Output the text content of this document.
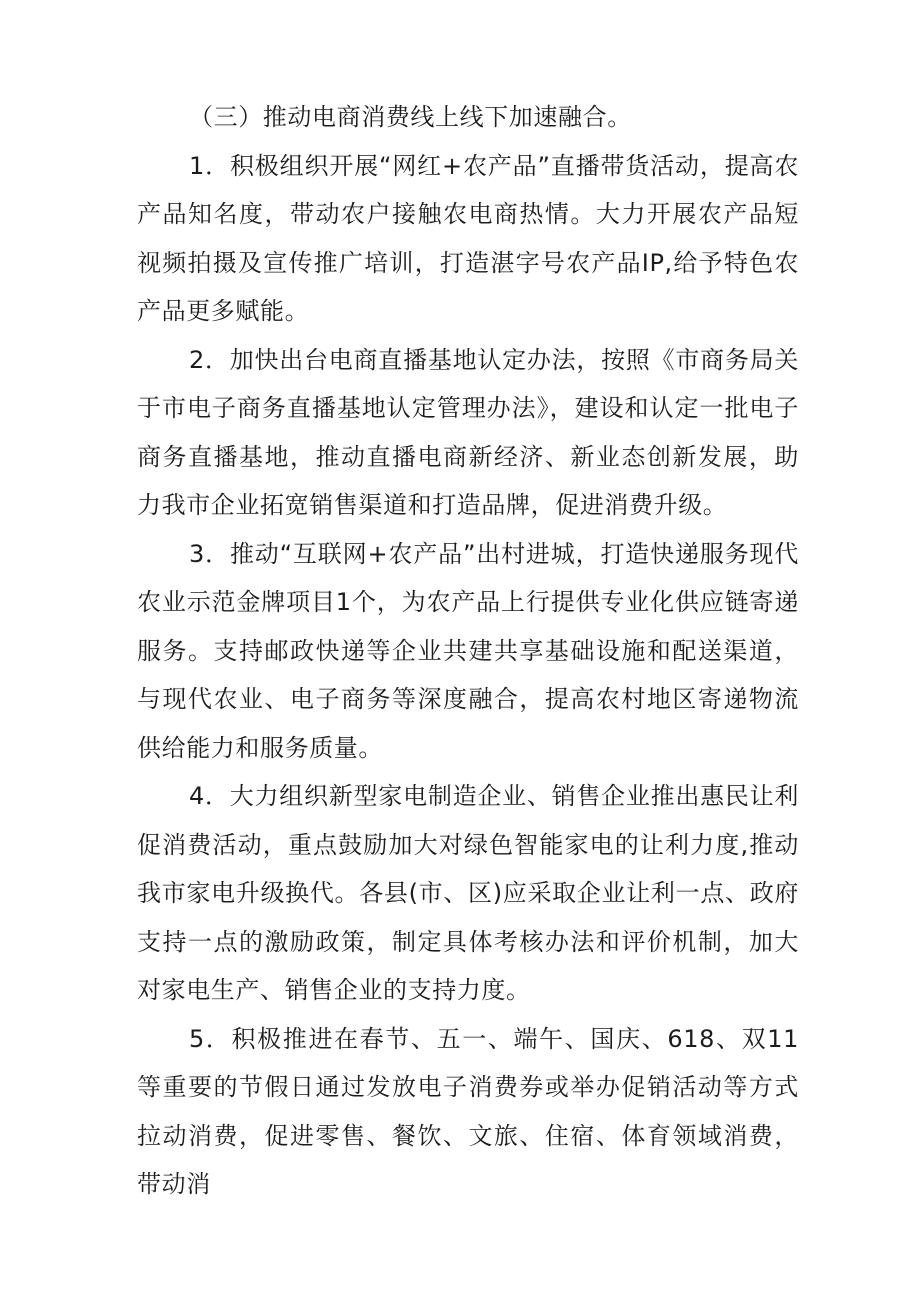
（三）推动电商消费线上线下加速融合。

1．积极组织开展“网红+农产品”直播带货活动，提高农产品知名度，带动农户接触农电商热情。大力开展农产品短视频拍摄及宣传推广培训，打造湛字号农产品IP,给予特色农产品更多赋能。

2．加快出台电商直播基地认定办法，按照《市商务局关于市电子商务直播基地认定管理办法》，建设和认定一批电子商务直播基地，推动直播电商新经济、新业态创新发展，助力我市企业拓宽销售渠道和打造品牌，促进消费升级。

3．推动“互联网+农产品”出村进城，打造快递服务现代农业示范金牌项目1个，为农产品上行提供专业化供应链寄递服务。支持邮政快递等企业共建共享基础设施和配送渠道，与现代农业、电子商务等深度融合，提高农村地区寄递物流供给能力和服务质量。

4．大力组织新型家电制造企业、销售企业推出惠民让利促消费活动，重点鼓励加大对绿色智能家电的让利力度,推动我市家电升级换代。各县(市、区)应采取企业让利一点、政府支持一点的激励政策，制定具体考核办法和评价机制，加大对家电生产、销售企业的支持力度。

5．积极推进在春节、五一、端午、国庆、618、双11等重要的节假日通过发放电子消费券或举办促销活动等方式拉动消费，促进零售、餐饮、文旅、住宿、体育领域消费，带动消
